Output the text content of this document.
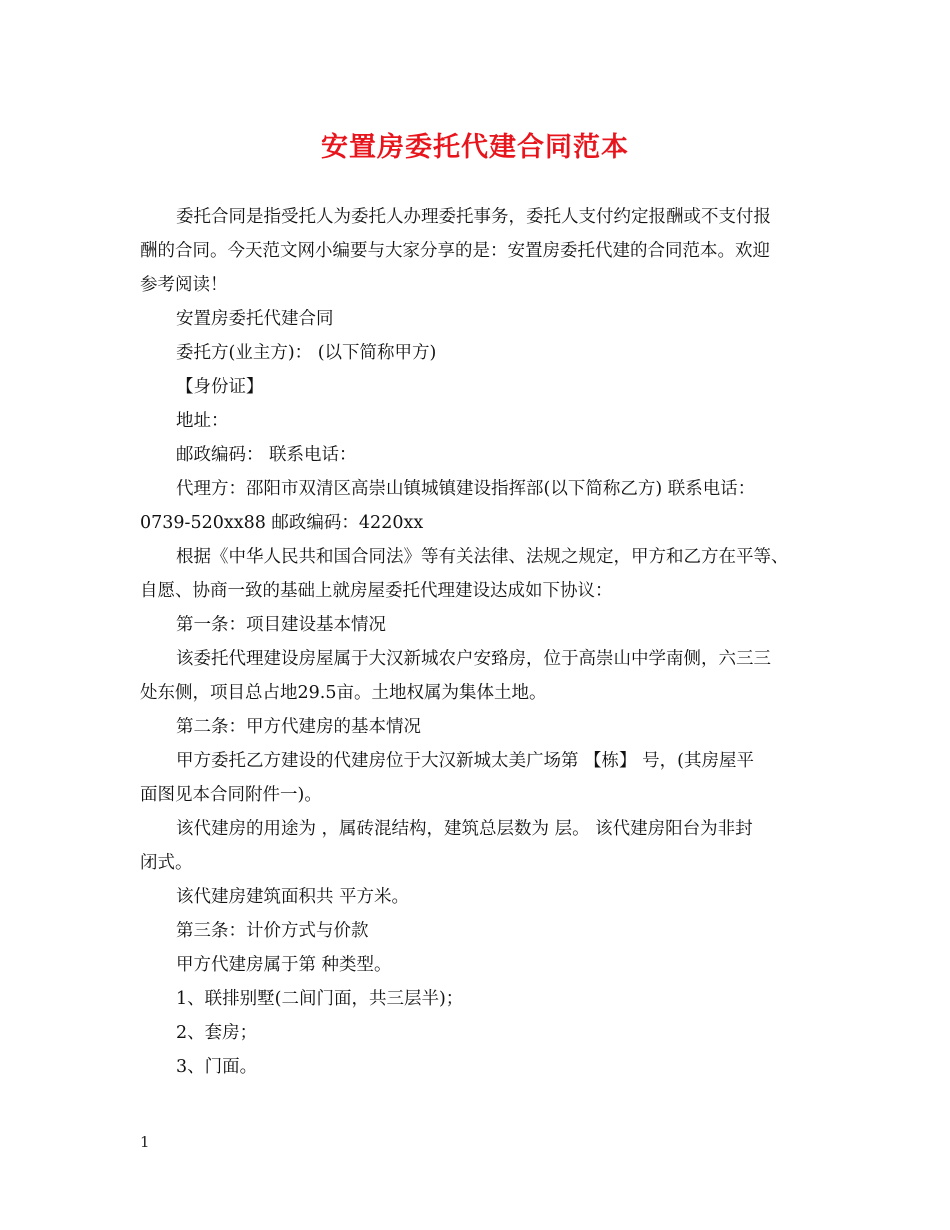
安置房委托代建合同范本

委托合同是指受托人为委托人办理委托事务，委托人支付约定报酬或不支付报
酬的合同。今天范文网小编要与大家分享的是：安置房委托代建的合同范本。欢迎
参考阅读！

安置房委托代建合同

委托方(业主方)： (以下简称甲方)

【身份证】

地址：

邮政编码： 联系电话：

代理方：邵阳市双清区高崇山镇城镇建设指挥部(以下简称乙方) 联系电话：
0739-520xx88 邮政编码：4220xx

根据《中华人民共和国合同法》等有关法律、法规之规定，甲方和乙方在平等、
自愿、协商一致的基础上就房屋委托代理建设达成如下协议：

第一条：项目建设基本情况

该委托代理建设房屋属于大汉新城农户安臵房，位于高崇山中学南侧，六三三
处东侧，项目总占地29.5亩。土地权属为集体土地。

第二条：甲方代建房的基本情况

甲方委托乙方建设的代建房位于大汉新城太美广场第 【栋】 号，(其房屋平
面图见本合同附件一)。

该代建房的用途为 ，属砖混结构，建筑总层数为 层。 该代建房阳台为非封
闭式。

该代建房建筑面积共 平方米。

第三条：计价方式与价款

甲方代建房属于第 种类型。

1、联排别墅(二间门面，共三层半)；

2、套房；

3、门面。

1
